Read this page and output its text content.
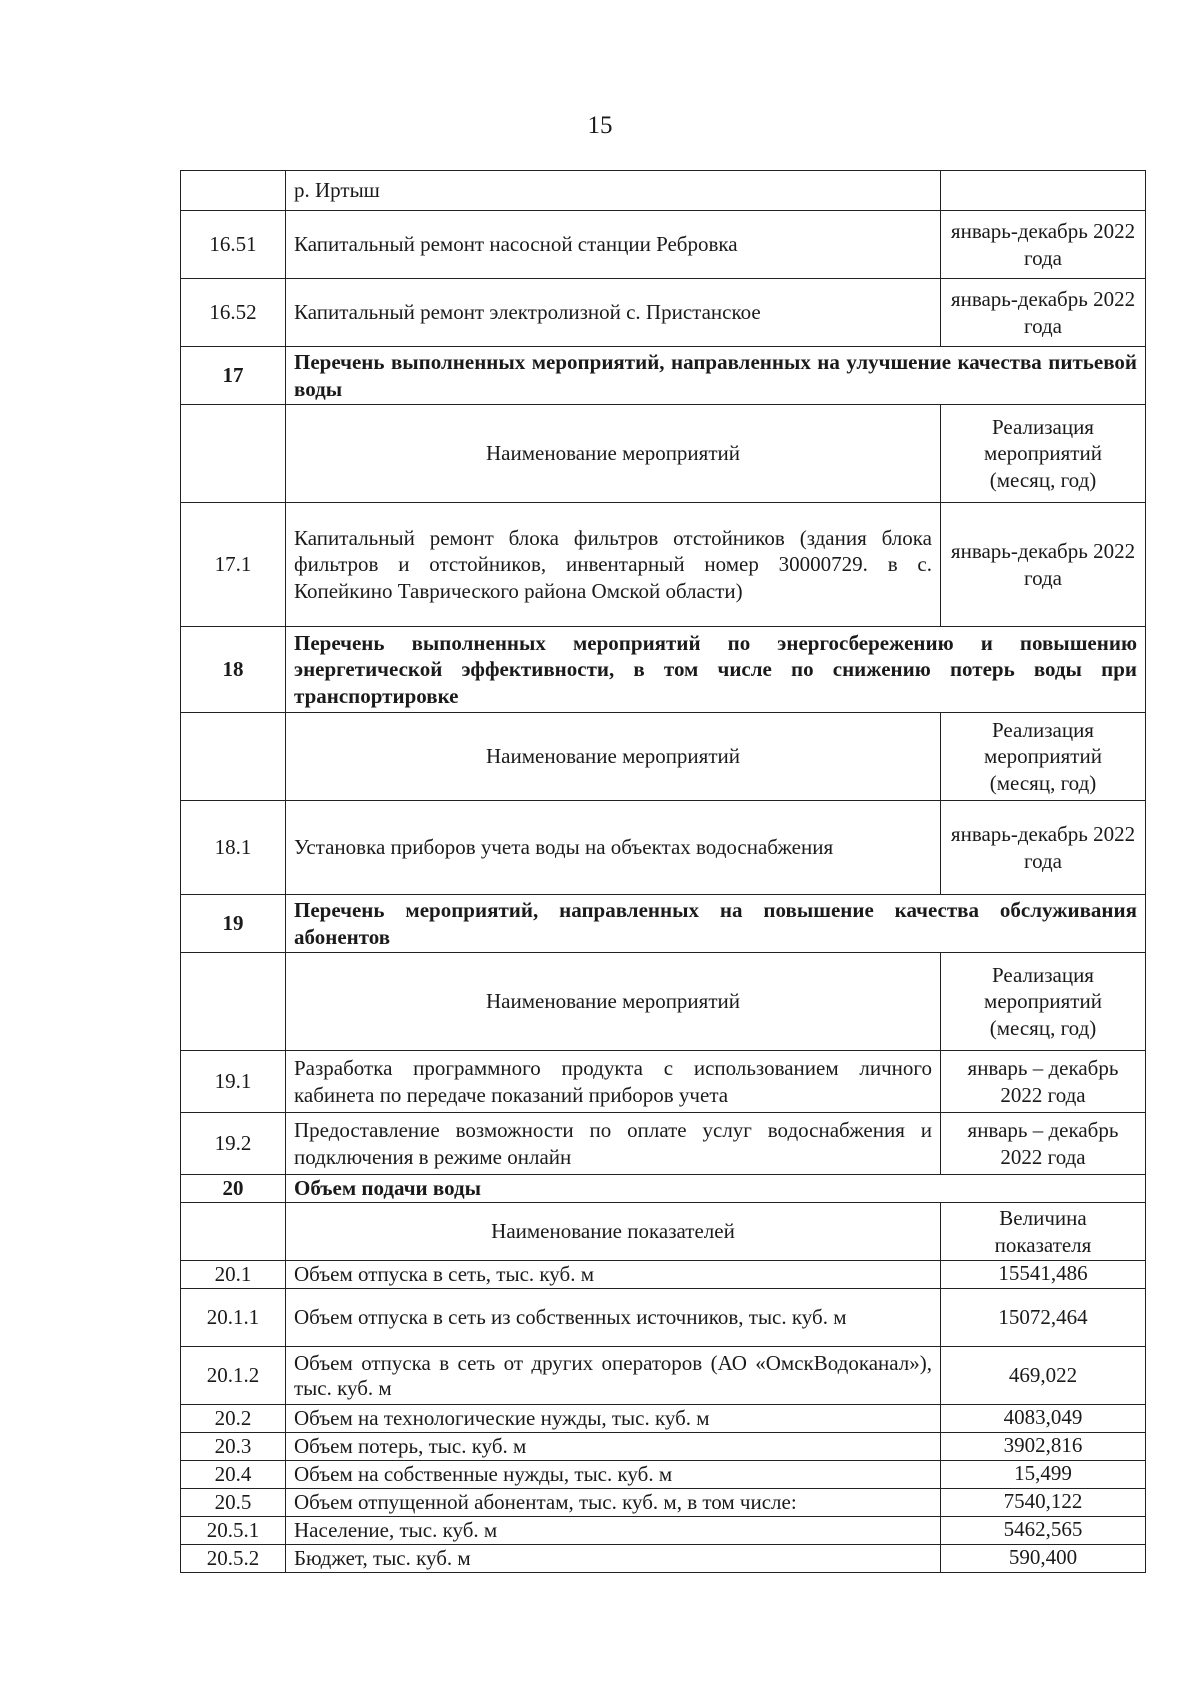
15
	р. Иртыш	
16.51	Капитальный ремонт насосной станции Ребровка	январь-декабрь 2022 года
16.52	Капитальный ремонт электролизной с. Пристанское	январь-декабрь 2022 года
17	Перечень выполненных мероприятий, направленных на улучшение качества питьевой воды	
	Наименование мероприятий	Реализация мероприятий (месяц, год)
17.1	Капитальный ремонт блока фильтров отстойников (здания блока фильтров и отстойников, инвентарный номер 30000729. в с. Копейкино Таврического района Омской области)	январь-декабрь 2022 года
18	Перечень выполненных мероприятий по энергосбережению и повышению энергетической эффективности, в том числе по снижению потерь воды при транспортировке	
	Наименование мероприятий	Реализация мероприятий (месяц, год)
18.1	Установка приборов учета воды на объектах водоснабжения	январь-декабрь 2022 года
19	Перечень мероприятий, направленных на повышение качества обслуживания абонентов	
	Наименование мероприятий	Реализация мероприятий (месяц, год)
19.1	Разработка программного продукта с использованием личного кабинета по передаче показаний приборов учета	январь – декабрь 2022 года
19.2	Предоставление возможности по оплате услуг водоснабжения и подключения в режиме онлайн	январь – декабрь 2022 года
20	Объем подачи воды	
	Наименование показателей	Величина показателя
20.1	Объем отпуска в сеть, тыс. куб. м	15541,486
20.1.1	Объем отпуска в сеть из собственных источников, тыс. куб. м	15072,464
20.1.2	Объем отпуска в сеть от других операторов (АО «ОмскВодоканал»), тыс. куб. м	469,022
20.2	Объем на технологические нужды, тыс. куб. м	4083,049
20.3	Объем потерь, тыс. куб. м	3902,816
20.4	Объем на собственные нужды, тыс. куб. м	15,499
20.5	Объем отпущенной абонентам, тыс. куб. м, в том числе:	7540,122
20.5.1	Население, тыс. куб. м	5462,565
20.5.2	Бюджет, тыс. куб. м	590,400
